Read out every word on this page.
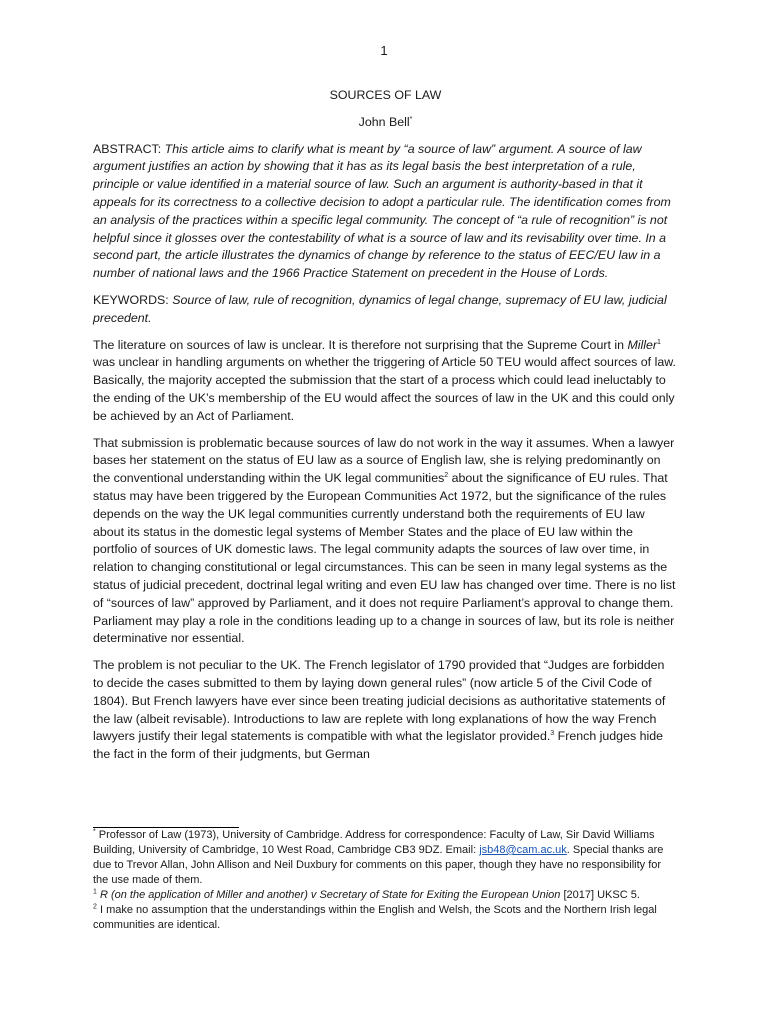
1
SOURCES OF LAW
John Bell*

ABSTRACT: This article aims to clarify what is meant by “a source of law” argument. A source of law argument justifies an action by showing that it has as its legal basis the best interpretation of a rule, principle or value identified in a material source of law. Such an argument is authority-based in that it appeals for its correctness to a collective decision to adopt a particular rule. The identification comes from an analysis of the practices within a specific legal community. The concept of “a rule of recognition” is not helpful since it glosses over the contestability of what is a source of law and its revisability over time. In a second part, the article illustrates the dynamics of change by reference to the status of EEC/EU law in a number of national laws and the 1966 Practice Statement on precedent in the House of Lords.

KEYWORDS: Source of law, rule of recognition, dynamics of legal change, supremacy of EU law, judicial precedent.

The literature on sources of law is unclear. It is therefore not surprising that the Supreme Court in Miller$^1$ was unclear in handling arguments on whether the triggering of Article 50 TEU would affect sources of law. Basically, the majority accepted the submission that the start of a process which could lead ineluctably to the ending of the UK’s membership of the EU would affect the sources of law in the UK and this could only be achieved by an Act of Parliament.

That submission is problematic because sources of law do not work in the way it assumes. When a lawyer bases her statement on the status of EU law as a source of English law, she is relying predominantly on the conventional understanding within the UK legal communities$^2$ about the significance of EU rules. That status may have been triggered by the European Communities Act 1972, but the significance of the rules depends on the way the UK legal communities currently understand both the requirements of EU law about its status in the domestic legal systems of Member States and the place of EU law within the portfolio of sources of UK domestic laws. The legal community adapts the sources of law over time, in relation to changing constitutional or legal circumstances. This can be seen in many legal systems as the status of judicial precedent, doctrinal legal writing and even EU law has changed over time. There is no list of “sources of law” approved by Parliament, and it does not require Parliament’s approval to change them. Parliament may play a role in the conditions leading up to a change in sources of law, but its role is neither determinative nor essential.

The problem is not peculiar to the UK. The French legislator of 1790 provided that “Judges are forbidden to decide the cases submitted to them by laying down general rules” (now article 5 of the Civil Code of 1804). But French lawyers have ever since been treating judicial decisions as authoritative statements of the law (albeit revisable). Introductions to law are replete with long explanations of how the way French lawyers justify their legal statements is compatible with what the legislator provided.$^3$ French judges hide the fact in the form of their judgments, but German

* Professor of Law (1973), University of Cambridge. Address for correspondence: Faculty of Law, Sir David Williams Building, University of Cambridge, 10 West Road, Cambridge CB3 9DZ. Email: jsb48@cam.ac.uk. Special thanks are due to Trevor Allan, John Allison and Neil Duxbury for comments on this paper, though they have no responsibility for the use made of them.

$^1$ R (on the application of Miller and another) v Secretary of State for Exiting the European Union [2017] UKSC 5.

$^2$ I make no assumption that the understandings within the English and Welsh, the Scots and the Northern Irish legal communities are identical.
